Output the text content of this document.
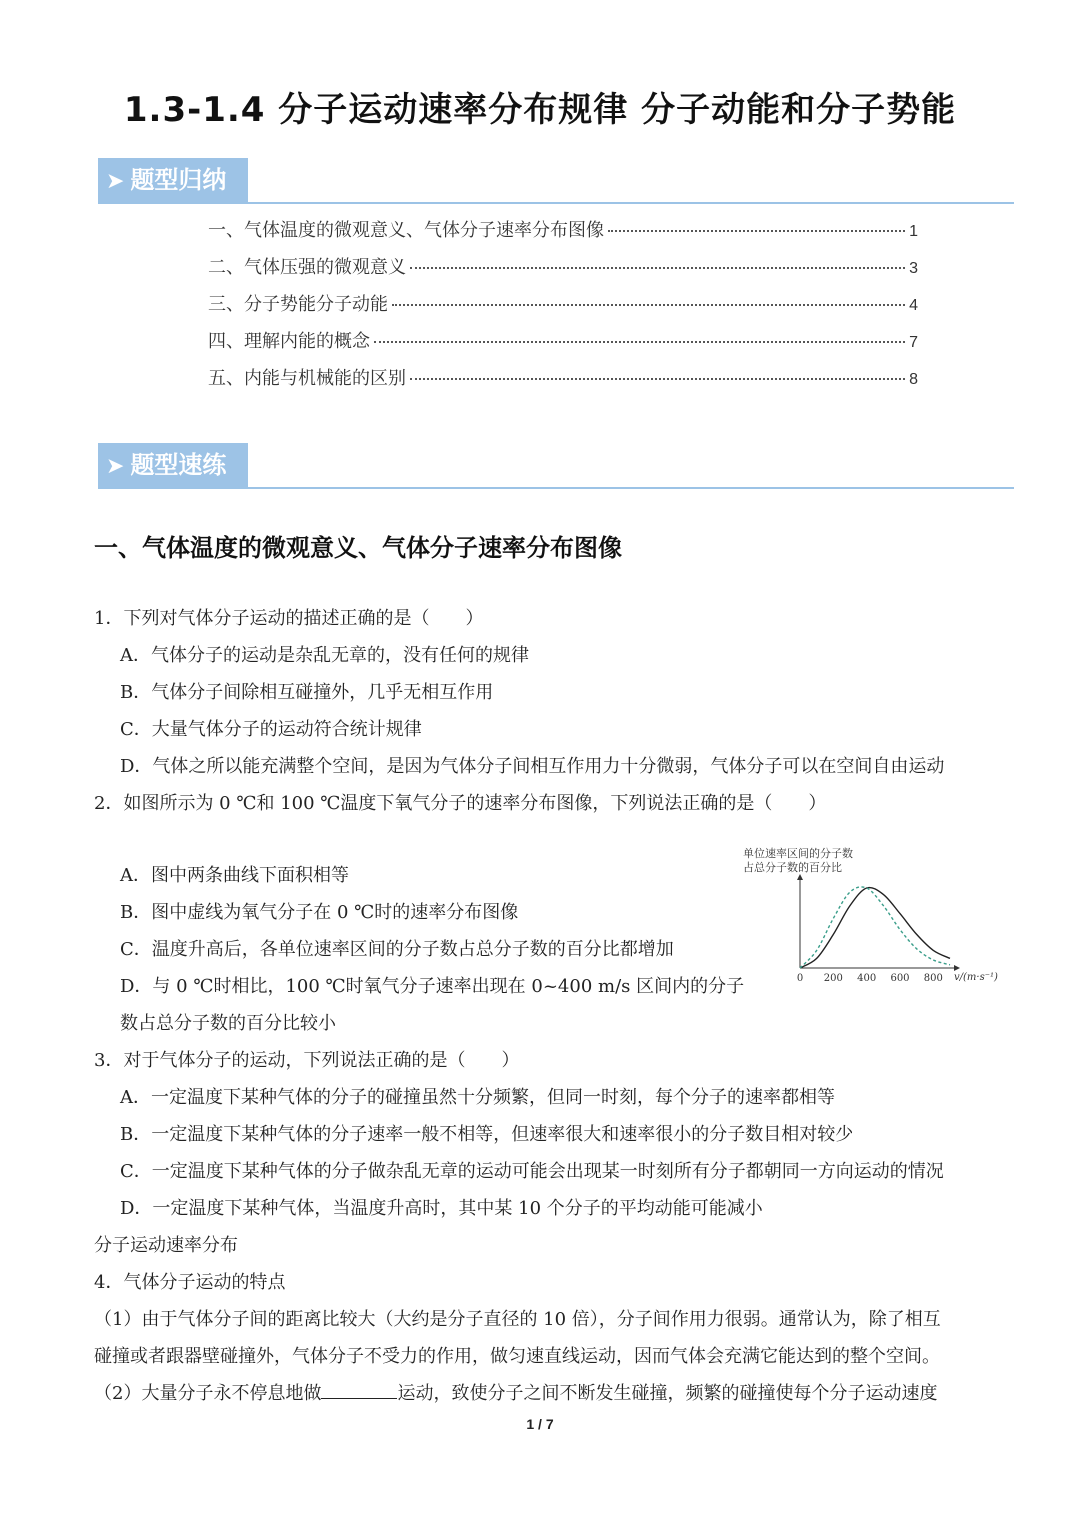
1.3-1.4 分子运动速率分布规律 分子动能和分子势能
➤ 题型归纳
一、气体温度的微观意义、气体分子速率分布图像	1
二、气体压强的微观意义	3
三、分子势能分子动能	4
四、理解内能的概念	7
五、内能与机械能的区别	8
➤ 题型速练
一、气体温度的微观意义、气体分子速率分布图像
1．下列对气体分子运动的描述正确的是（　　）
A．气体分子的运动是杂乱无章的，没有任何的规律
B．气体分子间除相互碰撞外，几乎无相互作用
C．大量气体分子的运动符合统计规律
D．气体之所以能充满整个空间，是因为气体分子间相互作用力十分微弱，气体分子可以在空间自由运动
2．如图所示为 0 ℃和 100 ℃温度下氧气分子的速率分布图像，下列说法正确的是（　　）
A．图中两条曲线下面积相等
B．图中虚线为氧气分子在 0 ℃时的速率分布图像
C．温度升高后，各单位速率区间的分子数占总分子数的百分比都增加
D．与 0 ℃时相比，100 ℃时氧气分子速率出现在 0~400 m/s 区间内的分子
数占总分子数的百分比较小
单位速率区间的分子数
占总分子数的百分比
0 200 400 600 800 v/(m·s⁻¹)
3．对于气体分子的运动，下列说法正确的是（　　）
A．一定温度下某种气体的分子的碰撞虽然十分频繁，但同一时刻，每个分子的速率都相等
B．一定温度下某种气体的分子速率一般不相等，但速率很大和速率很小的分子数目相对较少
C．一定温度下某种气体的分子做杂乱无章的运动可能会出现某一时刻所有分子都朝同一方向运动的情况
D．一定温度下某种气体，当温度升高时，其中某 10 个分子的平均动能可能减小
分子运动速率分布
4．气体分子运动的特点
（1）由于气体分子间的距离比较大（大约是分子直径的 10 倍），分子间作用力很弱。通常认为，除了相互
碰撞或者跟器壁碰撞外，气体分子不受力的作用，做匀速直线运动，因而气体会充满它能达到的整个空间。
（2）大量分子永不停息地做	运动，致使分子之间不断发生碰撞，频繁的碰撞使每个分子运动速度
1 / 7
